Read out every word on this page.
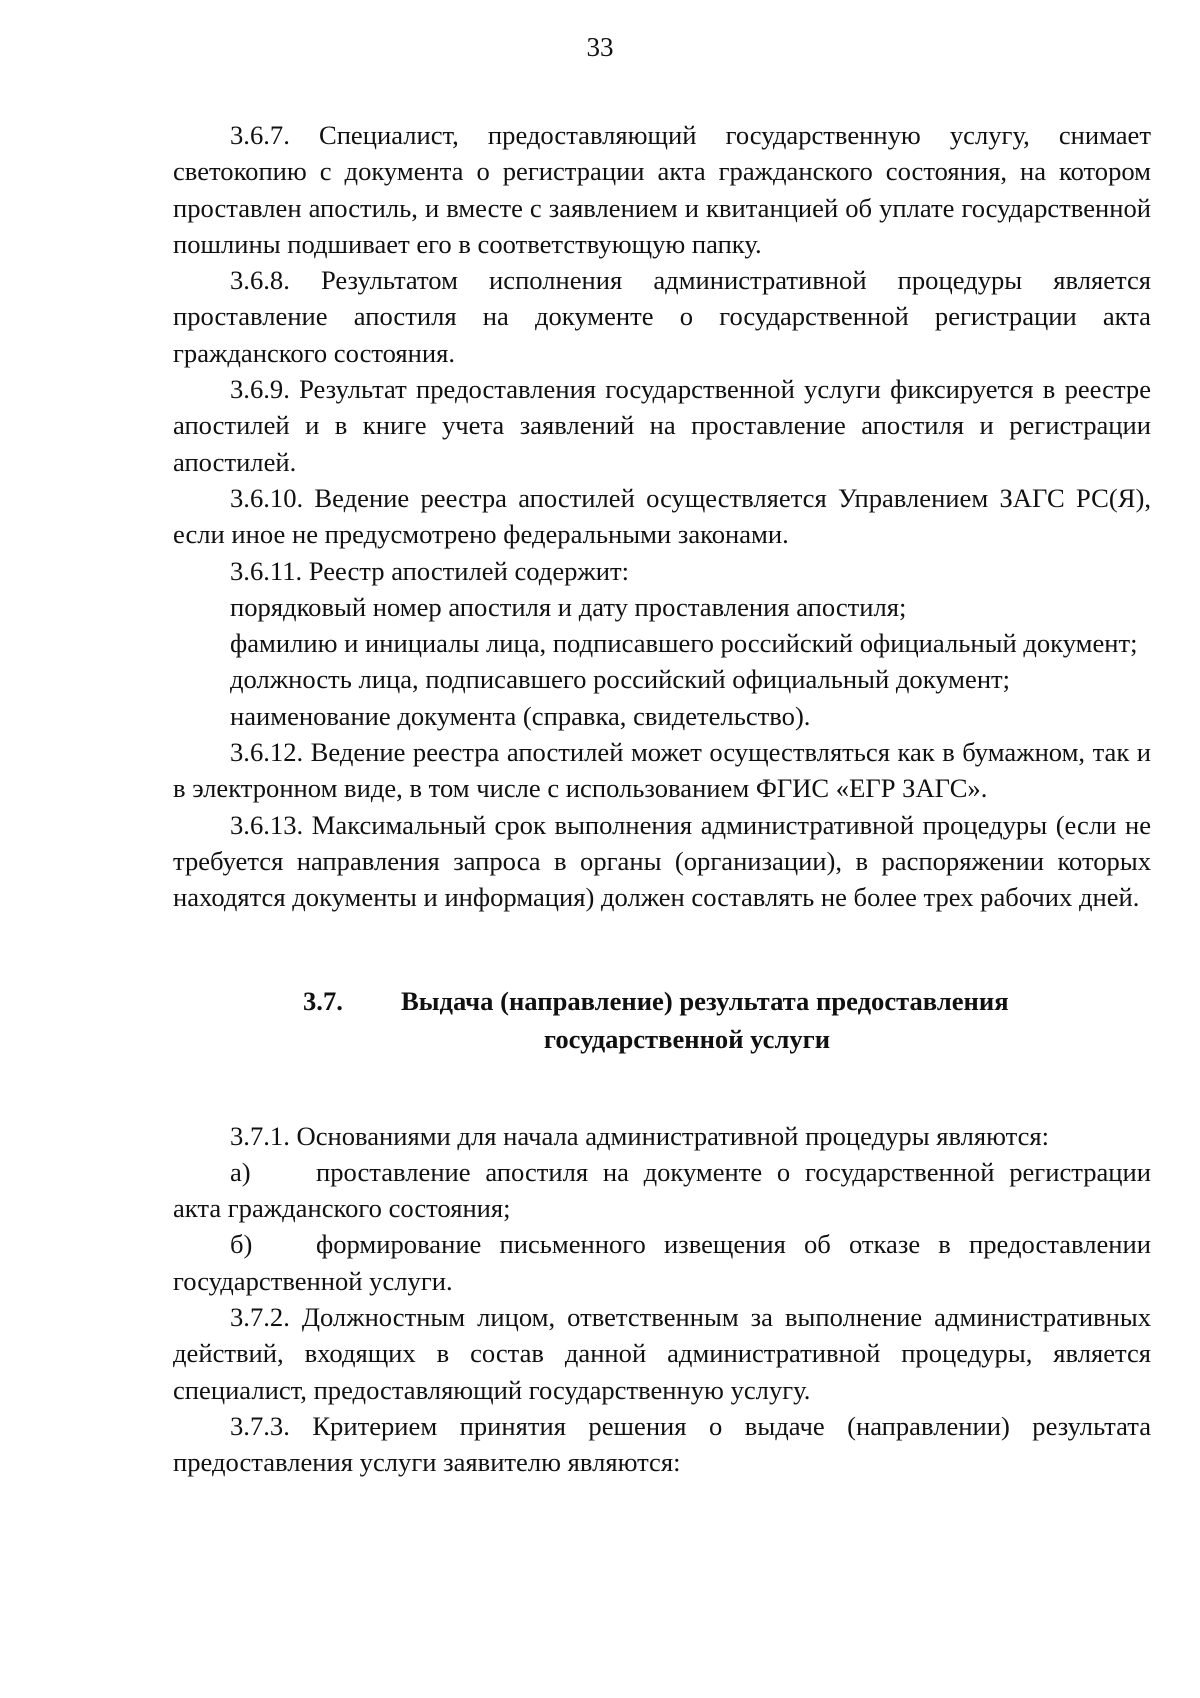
33

3.6.7. Специалист, предоставляющий государственную услугу, снимает светокопию с документа о регистрации акта гражданского состояния, на котором проставлен апостиль, и вместе с заявлением и квитанцией об уплате государственной пошлины подшивает его в соответствующую папку.

3.6.8. Результатом исполнения административной процедуры является проставление апостиля на документе о государственной регистрации акта гражданского состояния.

3.6.9. Результат предоставления государственной услуги фиксируется в реестре апостилей и в книге учета заявлений на проставление апостиля и регистрации апостилей.

3.6.10. Ведение реестра апостилей осуществляется Управлением ЗАГС РС(Я), если иное не предусмотрено федеральными законами.

3.6.11. Реестр апостилей содержит:

порядковый номер апостиля и дату проставления апостиля;

фамилию и инициалы лица, подписавшего российский официальный документ;

должность лица, подписавшего российский официальный документ;

наименование документа (справка, свидетельство).

3.6.12. Ведение реестра апостилей может осуществляться как в бумажном, так и в электронном виде, в том числе с использованием ФГИС «ЕГР ЗАГС».

3.6.13. Максимальный срок выполнения административной процедуры (если не требуется направления запроса в органы (организации), в распоряжении которых находятся документы и информация) должен составлять не более трех рабочих дней.

3.7.	Выдача (направление) результата предоставления
государственной услуги

3.7.1. Основаниями для начала административной процедуры являются:

а) проставление апостиля на документе о государственной регистрации акта гражданского состояния;

б) формирование письменного извещения об отказе в предоставлении государственной услуги.

3.7.2. Должностным лицом, ответственным за выполнение административных действий, входящих в состав данной административной процедуры, является специалист, предоставляющий государственную услугу.

3.7.3. Критерием принятия решения о выдаче (направлении) результата предоставления услуги заявителю являются:
